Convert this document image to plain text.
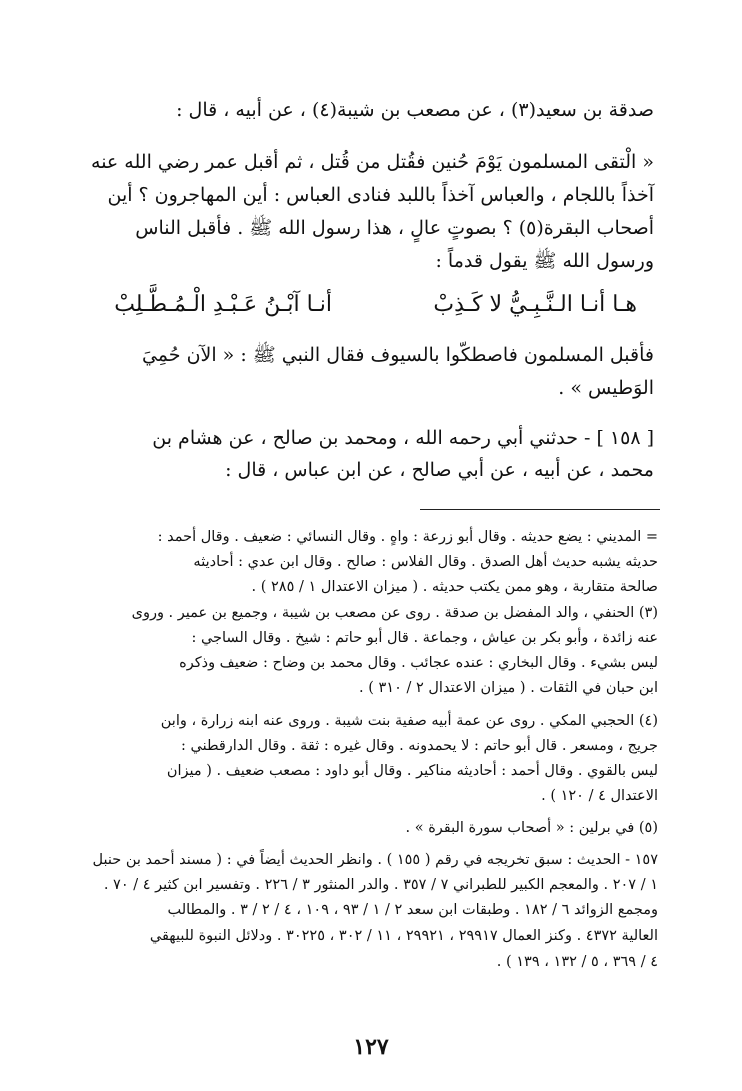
صدقة بن سعيد(٣) ، عن مصعب بن شيبة(٤) ، عن أبيه ، قال :
« الْتقى المسلمون يَوْمَ حُنين فقُتل من قُتل ، ثم أقبل عمر رضي الله عنه
آخذاً باللجام ، والعباس آخذاً باللبد فنادى العباس : أين المهاجرون ؟ أين
أصحاب البقرة(٥) ؟ بصوتٍ عالٍ ، هذا رسول الله ﷺ . فأقبل الناس
ورسول الله ﷺ يقول قدماً :
هـا أنـا الـنَّـبِـيُّ لا كَـذِبْ
أنـا آبْـنُ عَـبْـدِ الْـمُـطَّـلِبْ
فأقبل المسلمون فاصطكّوا بالسيوف فقال النبي ﷺ : « الآن حُمِيَ
الوَطيس » .
[ ١٥٨ ] - حدثني أبي رحمه الله ، ومحمد بن صالح ، عن هشام بن
محمد ، عن أبيه ، عن أبي صالح ، عن ابن عباس ، قال :
= المديني : يضع حديثه . وقال أبو زرعة : واهٍ . وقال النسائي : ضعيف . وقال أحمد :
حديثه يشبه حديث أهل الصدق . وقال الفلاس : صالح . وقال ابن عدي : أحاديثه
صالحة متقاربة ، وهو ممن يكتب حديثه . ( ميزان الاعتدال ١ / ٢٨٥ ) .
(٣) الحنفي ، والد المفضل بن صدقة . روى عن مصعب بن شيبة ، وجميع بن عمير . وروى
عنه زائدة ، وأبو بكر بن عياش ، وجماعة . قال أبو حاتم : شيخ . وقال الساجي :
ليس بشيء . وقال البخاري : عنده عجائب . وقال محمد بن وضاح : ضعيف وذكره
ابن حبان في الثقات . ( ميزان الاعتدال ٢ / ٣١٠ ) .
(٤) الحجبي المكي . روى عن عمة أبيه صفية بنت شيبة . وروى عنه ابنه زرارة ، وابن
جريج ، ومسعر . قال أبو حاتم : لا يحمدونه . وقال غيره : ثقة . وقال الدارقطني :
ليس بالقوي . وقال أحمد : أحاديثه مناكير . وقال أبو داود : مصعب ضعيف . ( ميزان
الاعتدال ٤ / ١٢٠ ) .
(٥) في برلين : « أصحاب سورة البقرة » .
١٥٧ - الحديث : سبق تخريجه في رقم ( ١٥٥ ) . وانظر الحديث أيضاً في : ( مسند أحمد بن حنبل
١ / ٢٠٧ . والمعجم الكبير للطبراني ٧ / ٣٥٧ . والدر المنثور ٣ / ٢٢٦ . وتفسير ابن كثير ٤ / ٧٠ .
ومجمع الزوائد ٦ / ١٨٢ . وطبقات ابن سعد ٢ / ١ / ٩٣ ، ١٠٩ ، ٤ / ٢ / ٣ . والمطالب
العالية ٤٣٧٢ . وكنز العمال ٢٩٩١٧ ، ٢٩٩٢١ ، ١١ / ٣٠٢ ، ٣٠٢٢٥ . ودلائل النبوة للبيهقي
٤ / ٣٦٩ ، ٥ / ١٣٢ ، ١٣٩ ) .
١٢٧
